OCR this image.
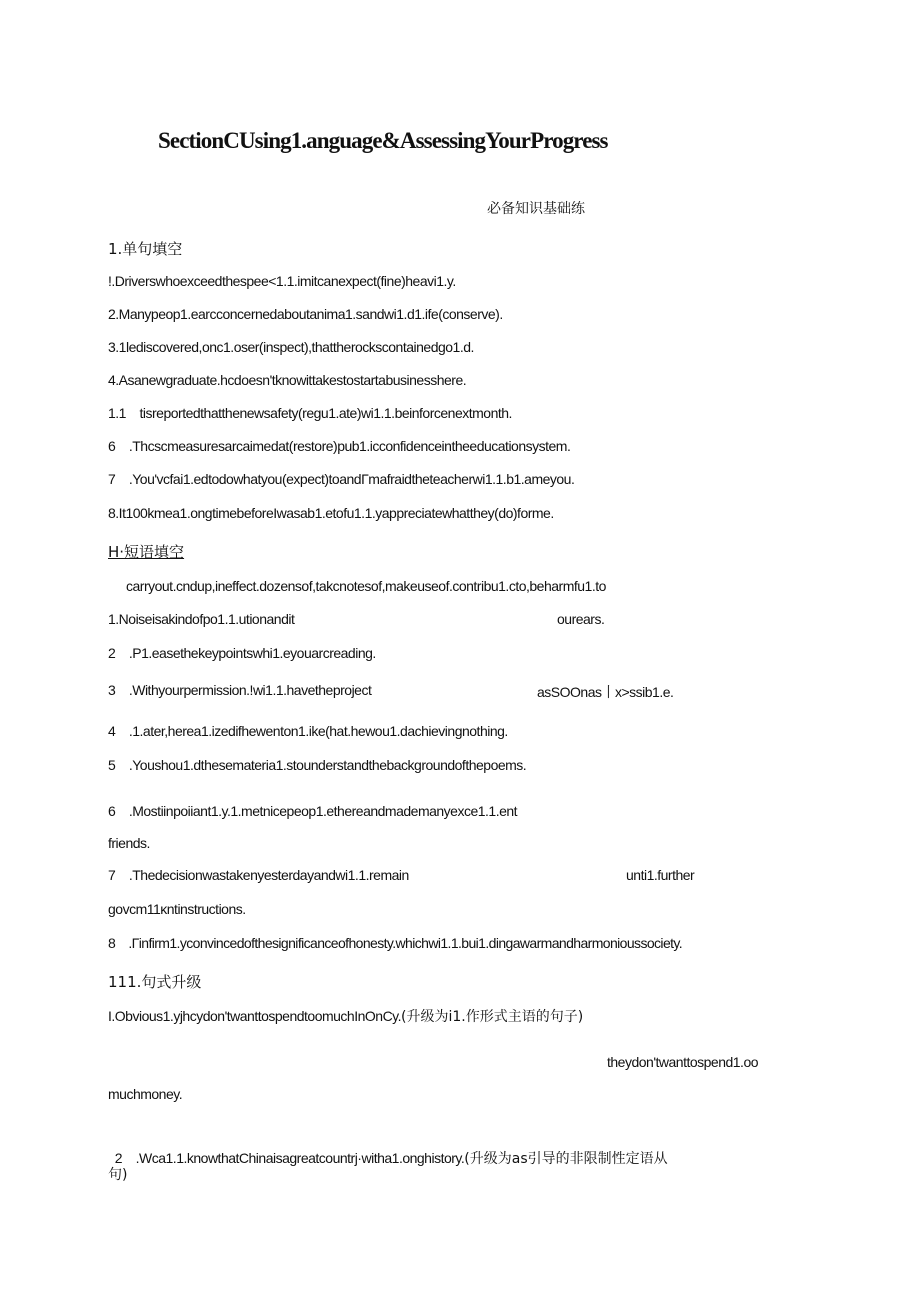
SectionCUsing1.anguage&AssessingYourProgress
必备知识基础练
1.单句填空
!.Driverswhoexceedthespee<1.1.imitcanexpect(fine)heavi1.y.
2.Manypeop1.earcconcernedaboutanima1.sandwi1.d1.ife(conserve).
3.1lediscovered,onc1.oser(inspect),thattherockscontainedgo1.d.
4.Asanewgraduate.hcdoesn'tknowittakestostartabusinesshere.
1.1    tisreportedthatthenewsafety(regu1.ate)wi1.1.beinforcenextmonth.
6    .Thcscmeasuresarcaimedat(restore)pub1.icconfidenceintheeducationsystem.
7    .You'vcfai1.edtodowhatyou(expect)toandΓmafraidtheteacherwi1.1.b1.ameyou.
8.It100kmea1.ongtimebeforeIwasab1.etofu1.1.yappreciatewhatthey(do)forme.
H·短语填空
carryout.cndup,ineffect.dozensof,takcnotesof,makeuseof.contribu1.cto,beharmfu1.to
1.Noiseisakindofpo1.1.utionandit	ourears.
2    .P1.easethekeypointswhi1.eyouarcreading.
3    .Withyourpermission.!wi1.1.havetheproject	asSOOnas丨x>ssib1.e.
4    .1.ater,herea1.izedifhewenton1.ike(hat.hewou1.dachievingnothing.
5    .Youshou1.dthesemateria1.stounderstandthebackgroundofthepoems.
6    .Mostiinpoiiant1.y.1.metnicepeop1.ethereandmademanyexce1.1.ent
friends.
7    .Thedecisionwastakenyesterdayandwi1.1.remain	unti1.further
govcm11κntinstructions.
8    .Γinfirm1.yconvincedofthesignificanceofhonesty.whichwi1.1.bui1.dingawarmandharmonioussociety.
111.句式升级
I.Obvious1.yjhcydon'twanttospendtoomuchInOnCy.(升级为i1.作形式主语的句子)
theydon'twanttospend1.oo
muchmoney.

2    .Wca1.1.knowthatChinaisagreatcountrj·witha1.onghistory.(升级为as引导的非限制性定语从

句)
